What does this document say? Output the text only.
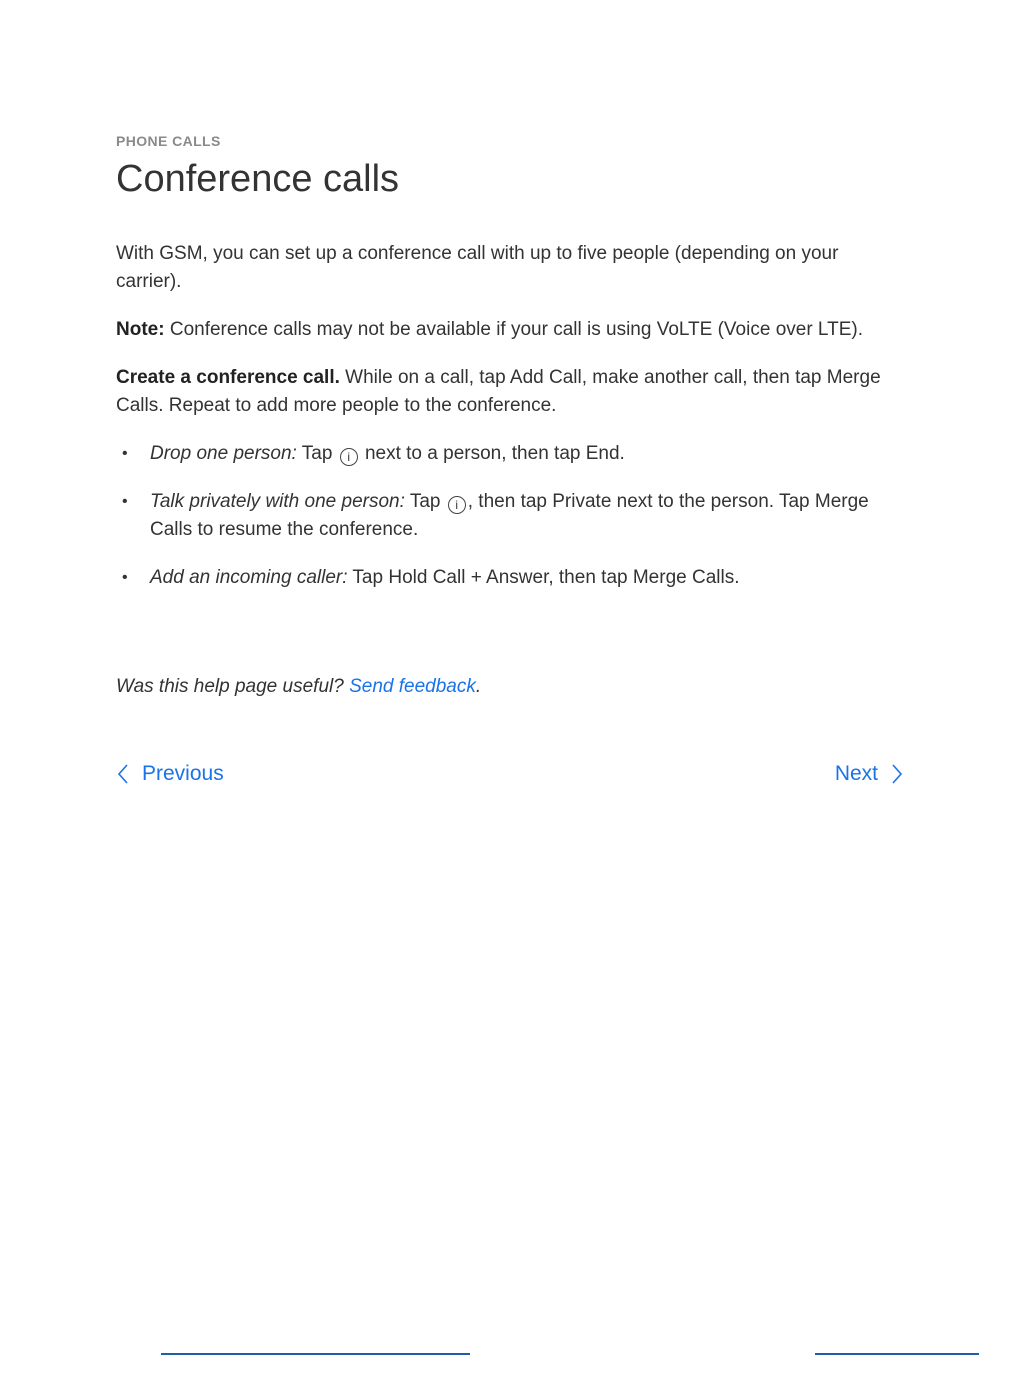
PHONE CALLS
Conference calls

With GSM, you can set up a conference call with up to five people (depending on your carrier).

Note: Conference calls may not be available if your call is using VoLTE (Voice over LTE).

Create a conference call. While on a call, tap Add Call, make another call, then tap Merge Calls. Repeat to add more people to the conference.

• Drop one person: Tap i next to a person, then tap End.
• Talk privately with one person: Tap i , then tap Private next to the person. Tap Merge Calls to resume the conference.
• Add an incoming caller: Tap Hold Call + Answer, then tap Merge Calls.
Was this help page useful? Send feedback.
Previous	Next
